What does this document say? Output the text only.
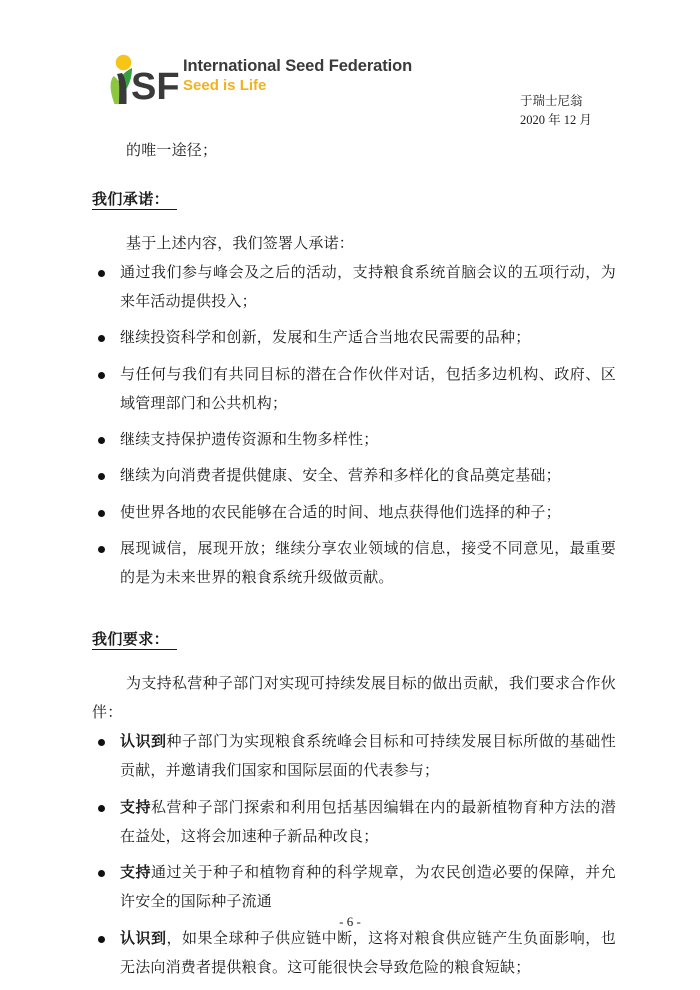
SF International Seed Federation
Seed is Life
于瑞士尼翁
2020 年 12 月

的唯一途径；

我们承诺：

基于上述内容，我们签署人承诺：

通过我们参与峰会及之后的活动，支持粮食系统首脑会议的五项行动，为来年活动提供投入；
继续投资科学和创新，发展和生产适合当地农民需要的品种；
与任何与我们有共同目标的潜在合作伙伴对话，包括多边机构、政府、区域管理部门和公共机构；
继续支持保护遗传资源和生物多样性；
继续为向消费者提供健康、安全、营养和多样化的食品奠定基础；
使世界各地的农民能够在合适的时间、地点获得他们选择的种子；
展现诚信，展现开放；继续分享农业领域的信息，接受不同意见，最重要的是为未来世界的粮食系统升级做贡献。

我们要求：

为支持私营种子部门对实现可持续发展目标的做出贡献，我们要求合作伙伴：

认识到种子部门为实现粮食系统峰会目标和可持续发展目标所做的基础性贡献，并邀请我们国家和国际层面的代表参与；
支持私营种子部门探索和利用包括基因编辑在内的最新植物育种方法的潜在益处，这将会加速种子新品种改良；
支持通过关于种子和植物育种的科学规章，为农民创造必要的保障，并允许安全的国际种子流通
认识到，如果全球种子供应链中断，这将对粮食供应链产生负面影响，也无法向消费者提供粮食。这可能很快会导致危险的粮食短缺；
- 6 -
